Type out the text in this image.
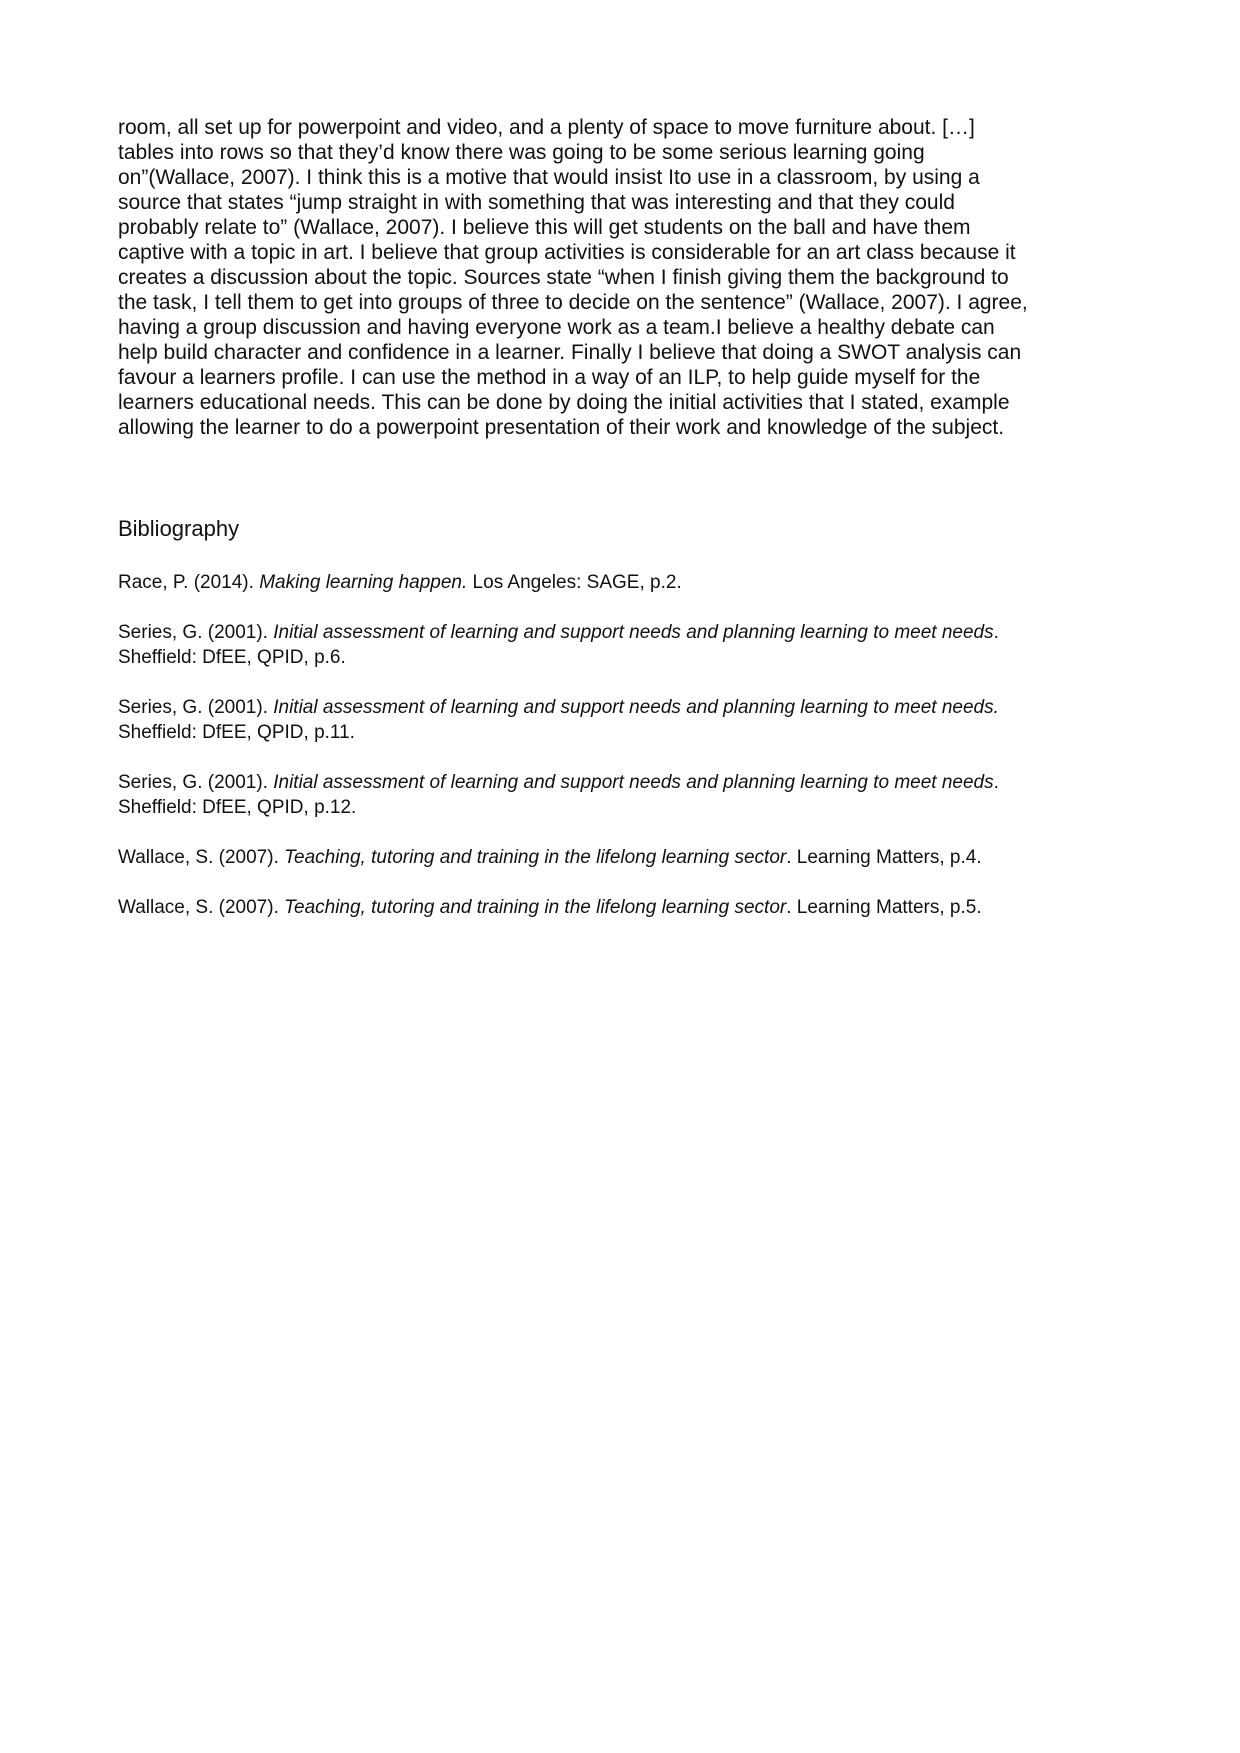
room, all set up for powerpoint and video, and a plenty of space to move furniture about. […]
tables into rows so that they’d know there was going to be some serious learning going
on”(Wallace, 2007). I think this is a motive that would insist Ito use in a classroom, by using a
source that states “jump straight in with something that was interesting and that they could
probably relate to” (Wallace, 2007). I believe this will get students on the ball and have them
captive with a topic in art. I believe that group activities is considerable for an art class because it
creates a discussion about the topic. Sources state “when I finish giving them the background to
the task, I tell them to get into groups of three to decide on the sentence” (Wallace, 2007). I agree,
having a group discussion and having everyone work as a team.I believe a healthy debate can
help build character and confidence in a learner. Finally I believe that doing a SWOT analysis can
favour a learners profile. I can use the method in a way of an ILP, to help guide myself for the
learners educational needs. This can be done by doing the initial activities that I stated, example
allowing the learner to do a powerpoint presentation of their work and knowledge of the subject.

Bibliography
Race, P. (2014). Making learning happen. Los Angeles: SAGE, p.2.
Series, G. (2001). Initial assessment of learning and support needs and planning learning to meet needs.
Sheffield: DfEE, QPID, p.6.
Series, G. (2001). Initial assessment of learning and support needs and planning learning to meet needs.
Sheffield: DfEE, QPID, p.11.
Series, G. (2001). Initial assessment of learning and support needs and planning learning to meet needs.
Sheffield: DfEE, QPID, p.12.
Wallace, S. (2007). Teaching, tutoring and training in the lifelong learning sector. Learning Matters, p.4.
Wallace, S. (2007). Teaching, tutoring and training in the lifelong learning sector. Learning Matters, p.5.
